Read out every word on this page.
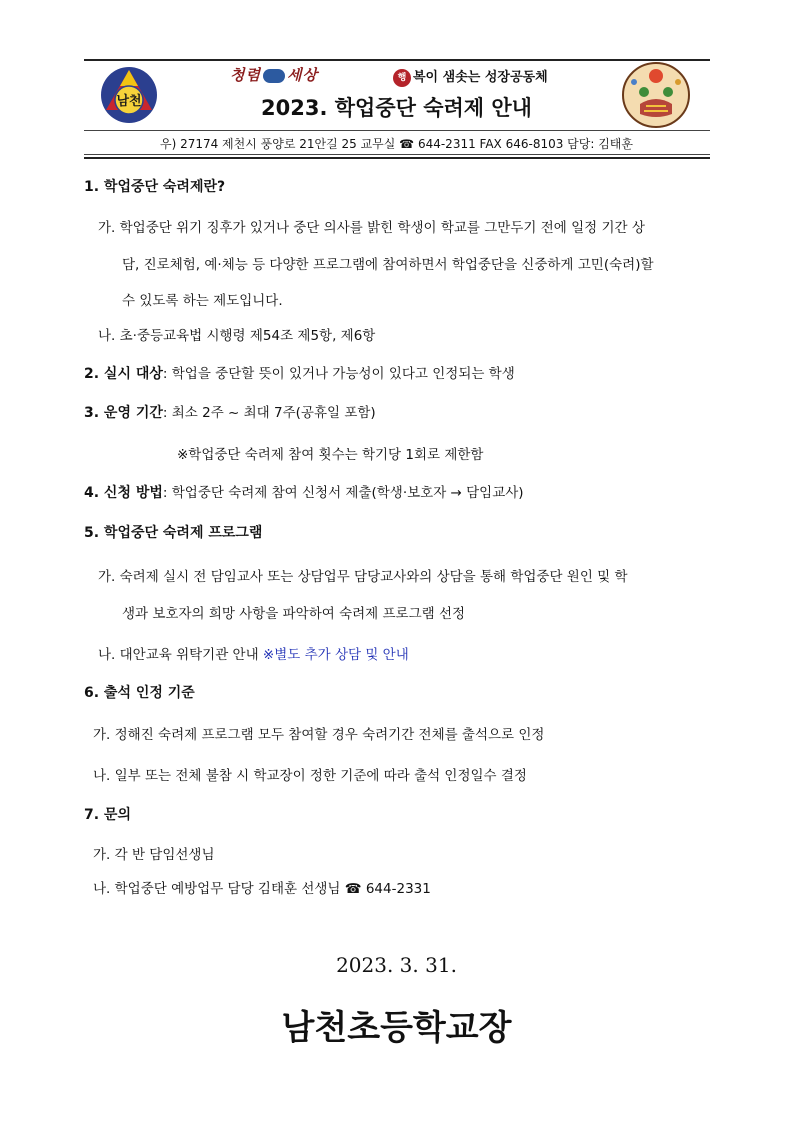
남천
청렴 세상	행 복이 샘솟는 성장공동체
2023. 학업중단 숙려제 안내
우) 27174 제천시 풍양로 21안길 25 교무실 ☎ 644-2311 FAX 646-8103 담당: 김태훈
1. 학업중단 숙려제란?
가. 학업중단 위기 징후가 있거나 중단 의사를 밝힌 학생이 학교를 그만두기 전에 일정 기간 상
담, 진로체험, 예·체능 등 다양한 프로그램에 참여하면서 학업중단을 신중하게 고민(숙려)할
수 있도록 하는 제도입니다.
나. 초·중등교육법 시행령 제54조 제5항, 제6항
2. 실시 대상: 학업을 중단할 뜻이 있거나 가능성이 있다고 인정되는 학생
3. 운영 기간: 최소 2주 ~ 최대 7주(공휴일 포함)
※학업중단 숙려제 참여 횟수는 학기당 1회로 제한함
4. 신청 방법: 학업중단 숙려제 참여 신청서 제출(학생·보호자 → 담임교사)
5. 학업중단 숙려제 프로그램
가. 숙려제 실시 전 담임교사 또는 상담업무 담당교사와의 상담을 통해 학업중단 원인 및 학
생과 보호자의 희망 사항을 파악하여 숙려제 프로그램 선정
나. 대안교육 위탁기관 안내 ※별도 추가 상담 및 안내
6. 출석 인정 기준
가. 정해진 숙려제 프로그램 모두 참여할 경우 숙려기간 전체를 출석으로 인정
나. 일부 또는 전체 불참 시 학교장이 정한 기준에 따라 출석 인정일수 결정
7. 문의
가. 각 반 담임선생님
나. 학업중단 예방업무 담당 김태훈 선생님 ☎ 644-2331
2023. 3. 31.
남천초등학교장
